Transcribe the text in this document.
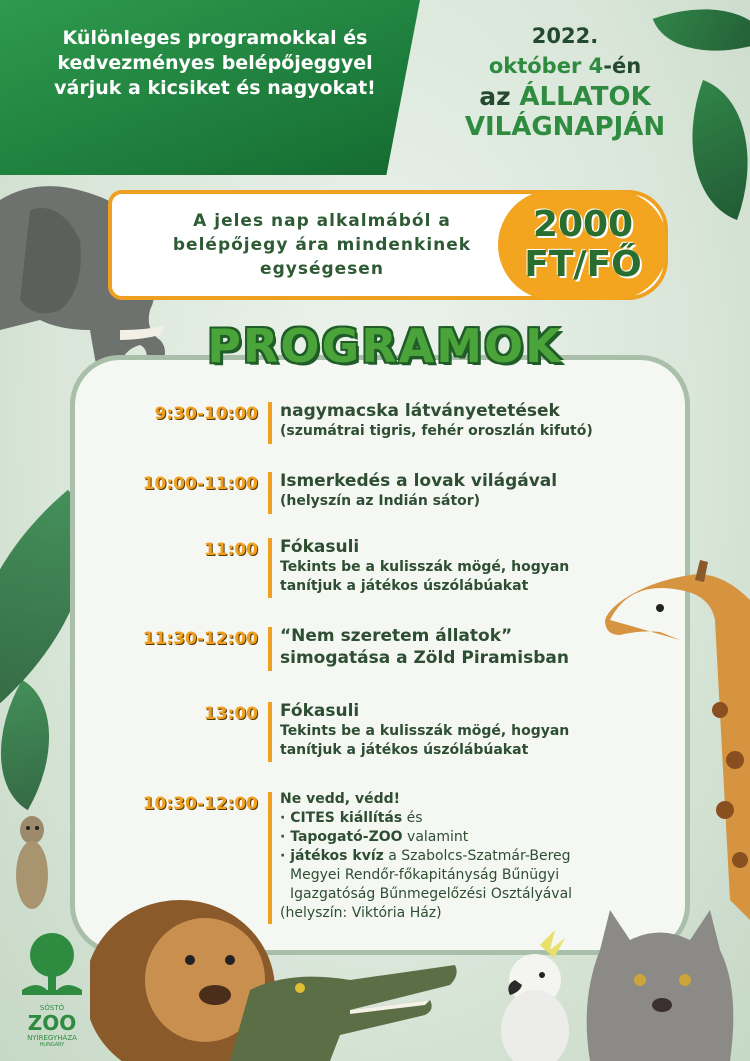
Különleges programokkal és kedvezményes belépőjeggyel várjuk a kicsiket és nagyokat!
2022.
október 4-én
az ÁLLATOK
VILÁGNAPJÁN
A jeles nap alkalmából a belépőjegy ára mindenkinek egységesen
2000
FT/FŐ
PROGRAMOK
9:30-10:00 nagymacska látványetetések
(szumátrai tigris, fehér oroszlán kifutó)
10:00-11:00 Ismerkedés a lovak világával
(helyszín az Indián sátor)
11:00 Fókasuli
Tekints be a kulisszák mögé, hogyan tanítjuk a játékos úszólábúakat
11:30-12:00 “Nem szeretem állatok” simogatása a Zöld Piramisban
13:00 Fókasuli
Tekints be a kulisszák mögé, hogyan tanítjuk a játékos úszólábúakat
10:30-12:00 Ne vedd, védd!
· CITES kiállítás és
· Tapogató-ZOO valamint
· játékos kvíz a Szabolcs-Szatmár-Bereg
Megyei Rendőr-főkapitányság Bűnügyi
Igazgatóság Bűnmegelőzési Osztályával
(helyszín: Viktória Ház)
SÓSTÓ
ZOO
NYÍREGYHÁZA
HUNGARY
